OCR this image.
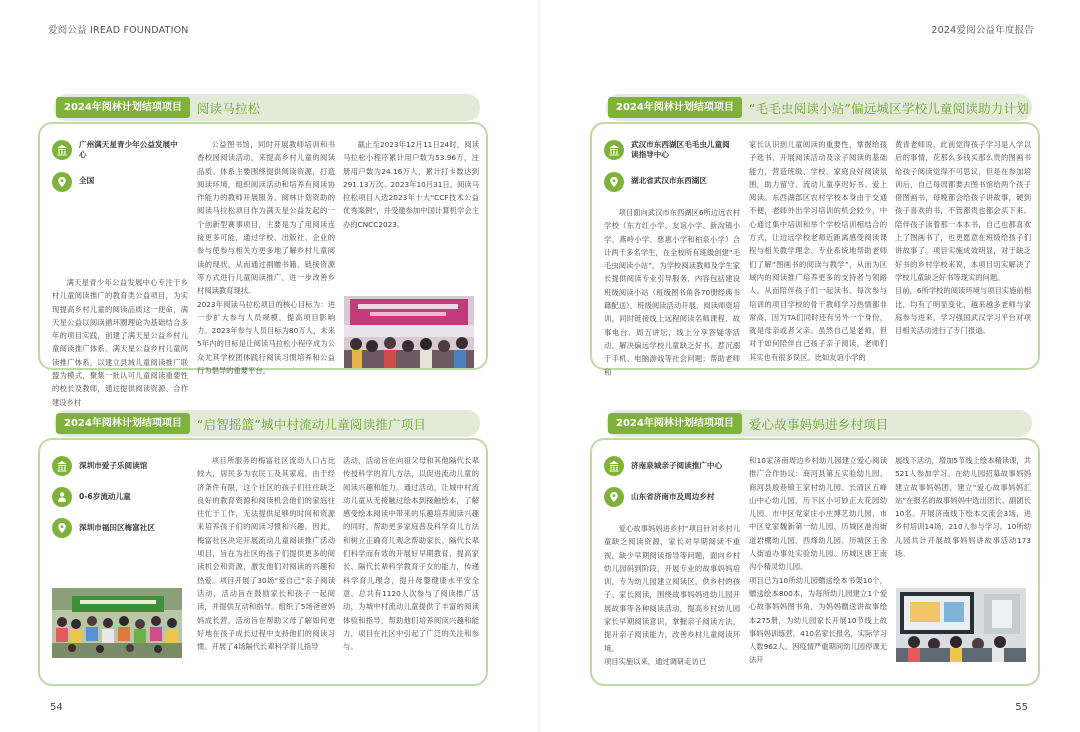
爱阅公益 IREAD FOUNDATION	2024爱阅公益年度报告
广州满天星青少年公益发展中心
全国

满天星青少年公益发展中心专注于乡村儿童阅读推广的教育类公益项目，为实现提高乡村儿童的阅读品质这一使命，满天星公益以阅读循环圈理论为基础结合多年的项目实践，创建了满天星公益乡村儿童阅读推广体系。满天星公益乡村儿童阅读推广体系，以建立县域儿童阅读推广联盟为模式，聚集一批认可儿童阅读重要性的校长及教师，通过提供阅读资源、合作建设乡村

公益图书馆，同时开展教师培训和书香校园阅读活动，来提高乡村儿童的阅读品质。体系主要围绕提供阅读资源，打造阅读环境，组织阅读活动和培养有阅读协作能力的教师开展服务。阅林计划资助的阅读马拉松项目作为满天星公益发起的一个创新型赛事项目，主要是为了用阅读连接更多可能，通过学校、出版社、企业的参与使参与相关方更多地了解乡村儿童阅读的现状，从而通过捐赠书籍、链接资源等方式进行儿童阅读推广，进一步改善乡村阅读教育现状。
2023年阅读马拉松项目的核心目标为：进一步扩大参与人员规模，提高项目影响力。2023年参与人员目标为80万人，未来5年内的目标是让阅读马拉松小程序成为公众尤其学校团体践行阅读习惯培养和公益行为倡导的重要平台。

截止至2023年12月11日24时，阅读马拉松小程序累计用户数为53.96万，注册用户数为24.16万人，累计打卡数达到291.13万次。2023年10月31日，阅读马拉松项目入选2023年十大“CCF技术公益优秀案例”，并受邀参加中国计算机学会主办的CNCC2023。

2024年阅林计划结项项目	阅读马拉松
武汉市东西湖区毛毛虫儿童阅读指导中心
湖北省武汉市东西湖区

项目面向武汉市东西湖区6所边远农村学校（东方红小学、友谊小学、新沟镇小学、燕岭小学、慈惠小学和柏泉小学）合计两千多名学生，在全校所有班级创建“毛毛虫阅读小站”，为学校阅读教师及学生家长提供阅读专业引导服务，内容包括建设班级阅读小站（班级图书角各70册经典书籍配送），班级阅读活动开展、阅读师资培训，同时链接线上远程阅读名师课程、故事电台、周五讲坛，线上分享答疑等活动，解决偏远学校儿童缺乏好书、惹沉溺于手机、电脑游戏等社会问题；帮助老师和

家长认识到儿童阅读的重要性，掌握给孩子选书、开展阅读活动及亲子阅读的基础能力，营造班级、学校、家庭良好阅读氛围，助力留守、流动儿童享迟好书、爱上阅读。东西湖部区农村学校本身由于交通不便，老师外出学习培训的机会较少，中心通过集中培训和举个学校培训相结合的方式，让边远学校老师近距离感受阅读课程与相关教学理念、专业系统地帮助老师们了解“图画书的阅读与教学”，从而为区域内的阅读推广培养更多的支持者与领路人，从而陪伴孩子们一起读书。每次参与培训的项目学校的骨干教师学习热情都非常高，因为TA们同时还有另外一个身份，就是母亲或者父亲。虽然自己是老师，但对于如何陪伴自己孩子亲子阅读，老师们其实也有很多误区。比如友谊小学的

黄青老师说，此前觉得孩子学习是入学以后的事情，花那么多钱买那么贵的图画书给孩子阅读觉得不可思议，但是在参加培训后，自己每周都要去图书馆给两个孩子借图画书，每晚都会给孩子讲故事，硬到孩子喜欢的书，不管都贵也都会买下来。陪伴孩子读着那一本本书，自己也都喜欢上了图画书了，也更愿意在班级给孩子们讲故事了。项目实施成效明显，对于缺乏好书的乡村学校来说，本项目切实解决了学校儿童缺乏好书等现实的问题。
目前，6所学校的阅读环境与项目实施前相比，均有了明显变化，越来越多老师与家庭参与进来，学习强国武汉学习平台对项目相关活动进行了专门报道。

2024年阅林计划结项项目	“毛毛虫阅读小站”偏远城区学校儿童阅读助力计划
深圳市爱子乐阅读馆
0-6岁流动儿童
深圳市福田区梅富社区

项目所服务的梅富社区流动人口占比较大，居民多为农民工及其家庭。由于经济条件有限，这个社区的孩子们往往缺乏良好的教育资源和阅读机会他们的家庭往往忙于工作，无法提供足够的时间和资源来培养孩子们的阅读习惯和兴趣。因此，梅富社区决定开展流动儿童阅读推广活动项目，旨在为社区的孩子们提供更多的阅读机会和资源，激发他们对阅读的兴趣和热爱。项目开展了30场“爱自己”亲子阅读活动，活动旨在鼓励家长和孩子一起阅读，并提供互动和指导。组织了5场爸爸妈妈成长营，活动旨在帮助父母了解如何更好地在孩子成长过程中支持他们的阅读习惯。开展了4场隔代长辈科学育儿指导

活动，活动旨在向祖父母和其他隔代长辈传授科学的育儿方法，以促进流动儿童的阅读兴趣和能力。通过活动，让城中村流动儿童从无接触过绘本到接触绘本，了解感受绘本阅读中带来的乐趣培养阅读兴趣的同时，帮助更多家庭普及科学育儿方法和树立正确育儿观念帮助家长、隔代长辈们科学而有效的开展好早期教育，提高家长、隔代长辈科学教育子女的能力，传递科学育儿理念，提升母婴健康水平安全意。总共有1120人次参与了阅读推广活动，为城中村流动儿童提供了丰富的阅读体验和指导，帮助他们培养阅读兴趣和能力，项目在社区中引起了广泛的关注和参与。

2024年阅林计划结项项目	“启智摇篮”城中村流动儿童阅读推广项目
济南泉城亲子阅读推广中心
山东省济南市及周边乡村

爱心故事妈妈进乡村”项目针对乡村儿童缺乏阅读资源，家长对早期阅读不重视，缺少早期阅读指导等问题，面向乡村幼儿园码到阶段，开展专业的故事妈妈培训，专为幼儿园建立阅读区，供乡村的孩子、家长阅读，围绕故事妈妈进幼儿园开展故事等各种阅读活动，提高乡村幼儿园家长早期阅读意识，掌握亲子阅读方法，提升亲子阅读能力，改善乡村儿童阅读环境。
项目实施以来，通过调研走访已

和10家济南周边乡村幼儿园建立爱心阅读推广合作协议：商河县第五实验幼儿园、商河县殷巷镇王家村幼儿园、长清区五峰山中心幼儿园、历下区小可妙正大花园幼儿园、市中区党家庄小庄博艺幼儿园、市中区党家魏新第一幼儿园、历城区港沟街道岩棚幼儿园、西烽幼儿园、历城区王舍人街道办事处实验幼儿园、历城区唐王南沟小精灵幼儿园。
项目已为10所幼儿园赠送绘本书架10个，赠送绘本800本，为每所幼儿园建立1个爱心故事妈妈图书角，为妈妈赠送讲故事绘本275册，为幼儿园家长开展10节线上故事妈妈训练营，410名家长报名，实际学习人数962人。因疫情严重期间幼儿园停课无法开

展线下活动，增加5节线上绘本精读课，共521人参加学习。在幼儿园招募故事妈妈建立故事妈妈团，建立“爱心故事妈妈汇站”在报名的故事妈妈中选出团长、副团长10名。开展济南线下绘本交流会3场，进乡村培训14场，210人参与学习。10所幼儿园共计开展故事妈妈讲故事活动173场。

2024年阅林计划结项项目	爱心故事妈妈进乡村项目
54	55
